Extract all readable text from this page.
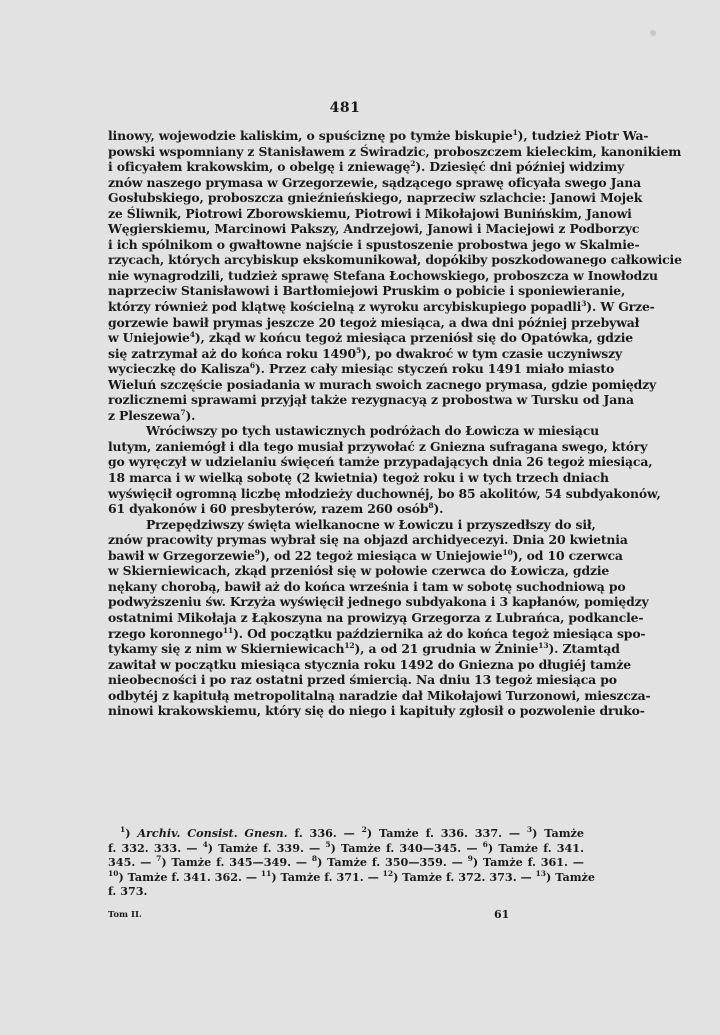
481
linowy, wojewodzie kaliskim, o spuściznę po tymże biskupie$^1$), tudzież Piotr Wa-
powski wspomniany z Stanisławem z Świradzic, proboszczem kieleckim, kanonikiem
i oficyałem krakowskim, o obelgę i zniewagę$^2$). Dziesięć dni później widzimy
znów naszego prymasa w Grzegorzewie, sądzącego sprawę oficyała swego Jana
Gosłubskiego, proboszcza gnieźnieńskiego, naprzeciw szlachcie: Janowi Mojek
ze Śliwnik, Piotrowi Zborowskiemu, Piotrowi i Mikołajowi Bunińskim, Janowi
Węgierskiemu, Marcinowi Pakszy, Andrzejowi, Janowi i Maciejowi z Podborzyc
i ich spólnikom o gwałtowne najście i spustoszenie probostwa jego w Skalmie-
rzycach, których arcybiskup ekskomunikował, dopókiby poszkodowanego całkowicie
nie wynagrodzili, tudzież sprawę Stefana Łochowskiego, proboszcza w Inowłodzu
naprzeciw Stanisławowi i Bartłomiejowi Pruskim o pobicie i sponiewieranie,
którzy również pod klątwę kościelną z wyroku arcybiskupiego popadli$^3$). W Grze-
gorzewie bawił prymas jeszcze 20 tegoż miesiąca, a dwa dni później przebywał
w Uniejowie$^4$), zkąd w końcu tegoż miesiąca przeniósł się do Opatówka, gdzie
się zatrzymał aż do końca roku 1490$^5$), po dwakroć w tym czasie uczyniwszy
wycieczkę do Kalisza$^6$). Przez cały miesiąc styczeń roku 1491 miało miasto
Wieluń szczęście posiadania w murach swoich zacnego prymasa, gdzie pomiędzy
rozlicznemi sprawami przyjął także rezygnacyą z probostwa w Tursku od Jana
z Pleszewa$^7$).
Wróciwszy po tych ustawicznych podróżach do Łowicza w miesiącu
lutym, zaniemógł i dla tego musiał przywołać z Gniezna sufragana swego, który
go wyręczył w udzielaniu święceń tamże przypadających dnia 26 tegoż miesiąca,
18 marca i w wielką sobotę (2 kwietnia) tegoż roku i w tych trzech dniach
wyświęcił ogromną liczbę młodzieży duchownéj, bo 85 akolitów, 54 subdyakonów,
61 dyakonów i 60 presbyterów, razem 260 osób$^8$).
Przepędziwszy święta wielkanocne w Łowiczu i przyszedłszy do sił,
znów pracowity prymas wybrał się na objazd archidyecezyi. Dnia 20 kwietnia
bawił w Grzegorzewie$^9$), od 22 tegoż miesiąca w Uniejowie$^{10}$), od 10 czerwca
w Skierniewicach, zkąd przeniósł się w połowie czerwca do Łowicza, gdzie
nękany chorobą, bawił aż do końca września i tam w sobotę suchodniową po
podwyższeniu św. Krzyża wyświęcił jednego subdyakona i 3 kapłanów, pomiędzy
ostatnimi Mikołaja z Łąkoszyna na prowizyą Grzegorza z Lubrańca, podkanclе-
rzego koronnego$^{11}$). Od początku października aż do końca tegoż miesiąca spo-
tykamy się z nim w Skierniewicach$^{12}$), a od 21 grudnia w Żninie$^{13}$). Ztamtąd
zawitał w początku miesiąca stycznia roku 1492 do Gniezna po długiéj tamże
nieobecności i po raz ostatni przed śmiercią. Na dniu 13 tegoż miesiąca po
odbytéj z kapitułą metropolitalną naradzie dał Mikołajowi Turzonowi, mieszcza-
ninowi krakowskiemu, który się do niego i kapituły zgłosił o pozwolenie druko-
$^1$) Archiv. Consist. Gnesn. f. 336. — $^2$) Tamże f. 336. 337. — $^3$) Tamże
f. 332. 333. — $^4$) Tamże f. 339. — $^5$) Tamże f. 340—345. — $^6$) Tamże f. 341.
345. — $^7$) Tamże f. 345—349. — $^8$) Tamże f. 350—359. — $^9$) Tamże f. 361. —
$^{10}$) Tamże f. 341. 362. — $^{11}$) Tamże f. 371. — $^{12}$) Tamże f. 372. 373. — $^{13}$) Tamże
f. 373.
Tom II.	61
